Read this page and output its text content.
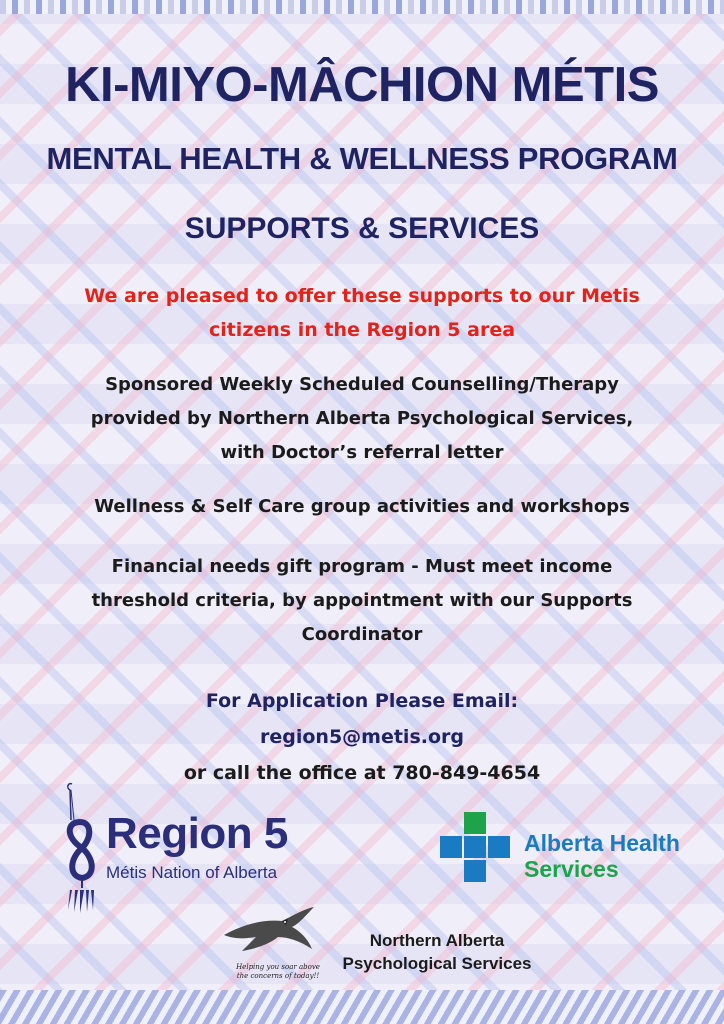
KI-MIYO-MÂCHION MÉTIS
MENTAL HEALTH & WELLNESS PROGRAM
SUPPORTS & SERVICES
We are pleased to offer these supports to our Metis
citizens in the Region 5 area
Sponsored Weekly Scheduled Counselling/Therapy
provided by Northern Alberta Psychological Services,
with Doctor’s referral letter
Wellness & Self Care group activities and workshops
Financial needs gift program - Must meet income
threshold criteria, by appointment with our Supports
Coordinator
For Application Please Email:
region5@metis.org
or call the office at 780-849-4654
Region 5
Métis Nation of Alberta
Alberta Health
Services
Helping you soar above
the concerns of today!!
Northern Alberta
Psychological Services
